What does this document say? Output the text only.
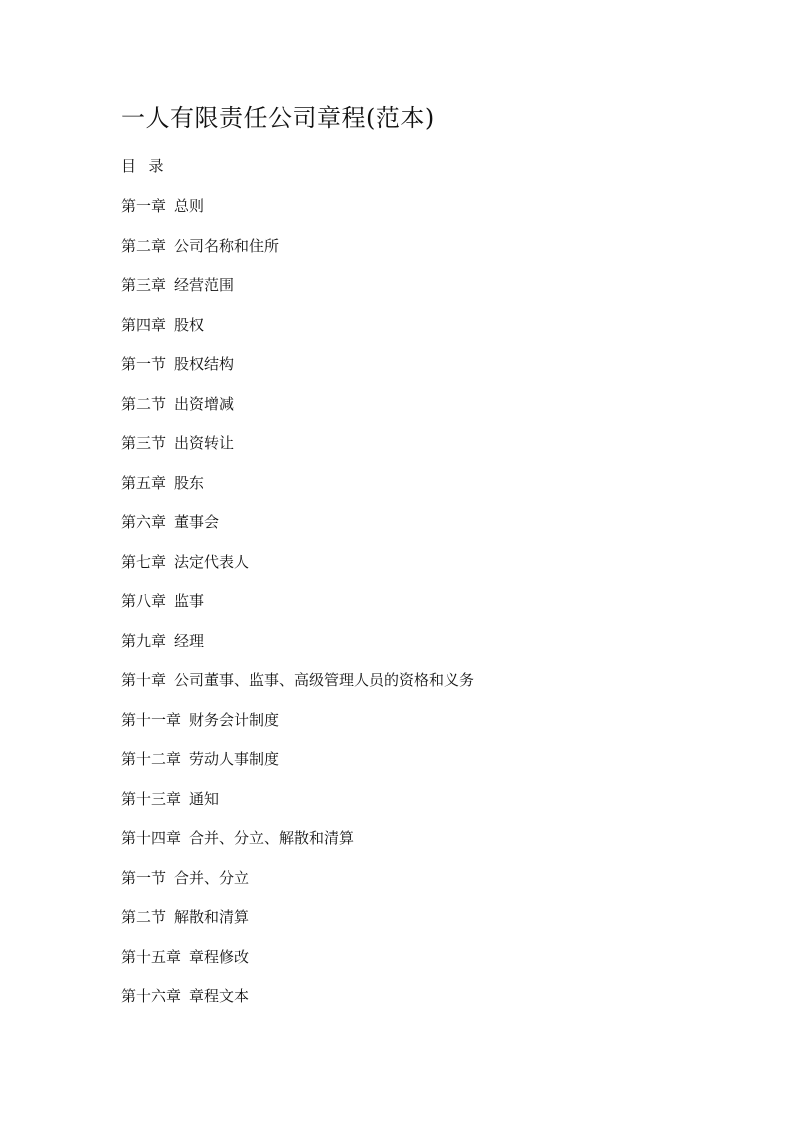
一人有限责任公司章程(范本)
目  录
第一章 总则
第二章 公司名称和住所
第三章 经营范围
第四章 股权
第一节 股权结构
第二节 出资增减
第三节 出资转让
第五章 股东
第六章 董事会
第七章 法定代表人
第八章 监事
第九章 经理
第十章 公司董事、监事、高级管理人员的资格和义务
第十一章 财务会计制度
第十二章 劳动人事制度
第十三章 通知
第十四章 合并、分立、解散和清算
第一节 合并、分立
第二节 解散和清算
第十五章 章程修改
第十六章 章程文本
